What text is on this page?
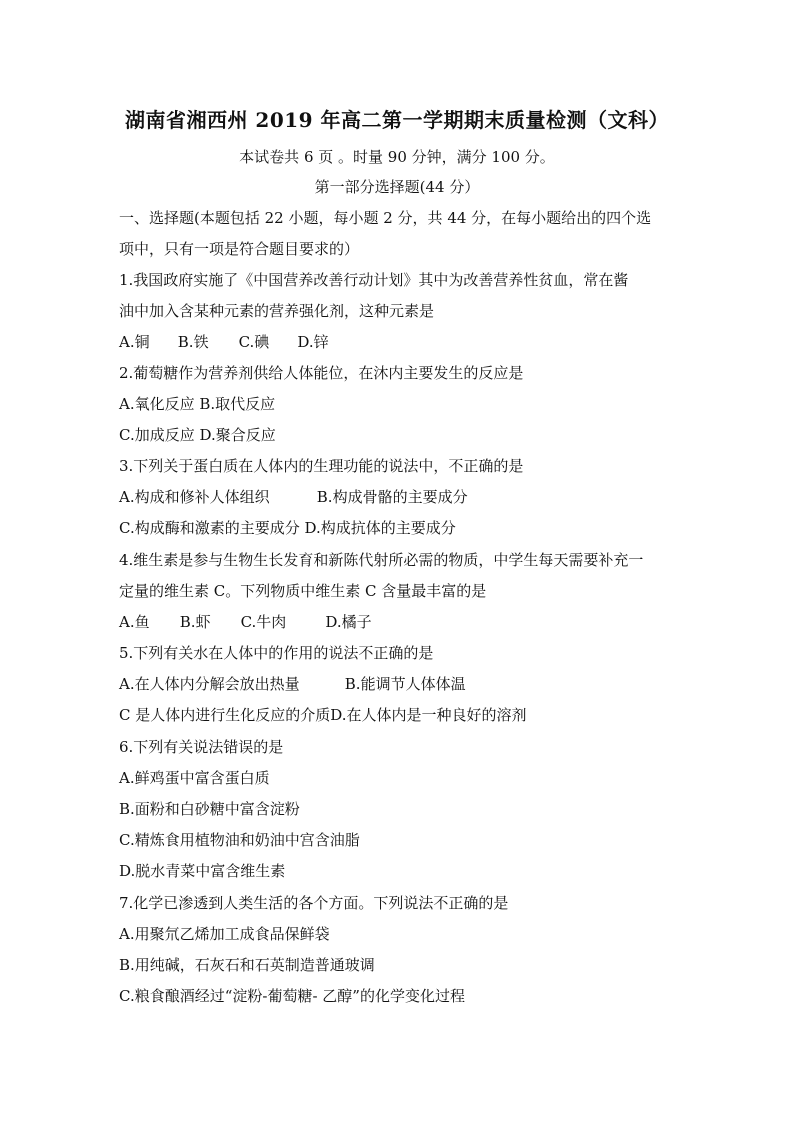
湖南省湘西州 2019 年高二第一学期期末质量检测（文科）
本试卷共 6 页 。时量 90 分钟，满分 100 分。
第一部分选择题(44 分）
一、选择题(本题包括 22 小题，每小题 2 分，共 44 分，在每小题给出的四个选
项中，只有一项是符合题目要求的）
1.我国政府实施了《中国营养改善行动计划》其中为改善营养性贫血，常在酱
油中加入含某种元素的营养强化剂，这种元素是
A.铜 B.铁 C.碘 D.锌
2.葡萄糖作为营养剂供给人体能位，在沐内主要发生的反应是
A.氧化反应 B.取代反应
C.加成反应 D.聚合反应
3.下列关于蛋白质在人体内的生理功能的说法中，不正确的是
A.构成和修补人体组织	B.构成骨骼的主要成分
C.构成酶和激素的主要成分 D.构成抗体的主要成分
4.维生素是参与生物生长发育和新陈代射所必需的物质，中学生每天需要补充一
定量的维生素 C。下列物质中维生素 C 含量最丰富的是
A.鱼 B.虾 C.牛肉	D.橘子
5.下列有关水在人体中的作用的说法不正确的是
A.在人体内分解会放出热量	B.能调节人体体温
C 是人体内进行生化反应的介质D.在人体内是一种良好的溶剂
6.下列有关说法错误的是
A.鲜鸡蛋中富含蛋白质
B.面粉和白砂糖中富含淀粉
C.精炼食用植物油和奶油中宫含油脂
D.脱水青菜中富含维生素
7.化学已渗透到人类生活的各个方面。下列说法不正确的是
A.用聚氘乙烯加工成食品保鲜袋
B.用纯碱，石灰石和石英制造普通玻调
C.粮食酿酒经过“淀粉-葡萄糖- 乙醇”的化学变化过程
